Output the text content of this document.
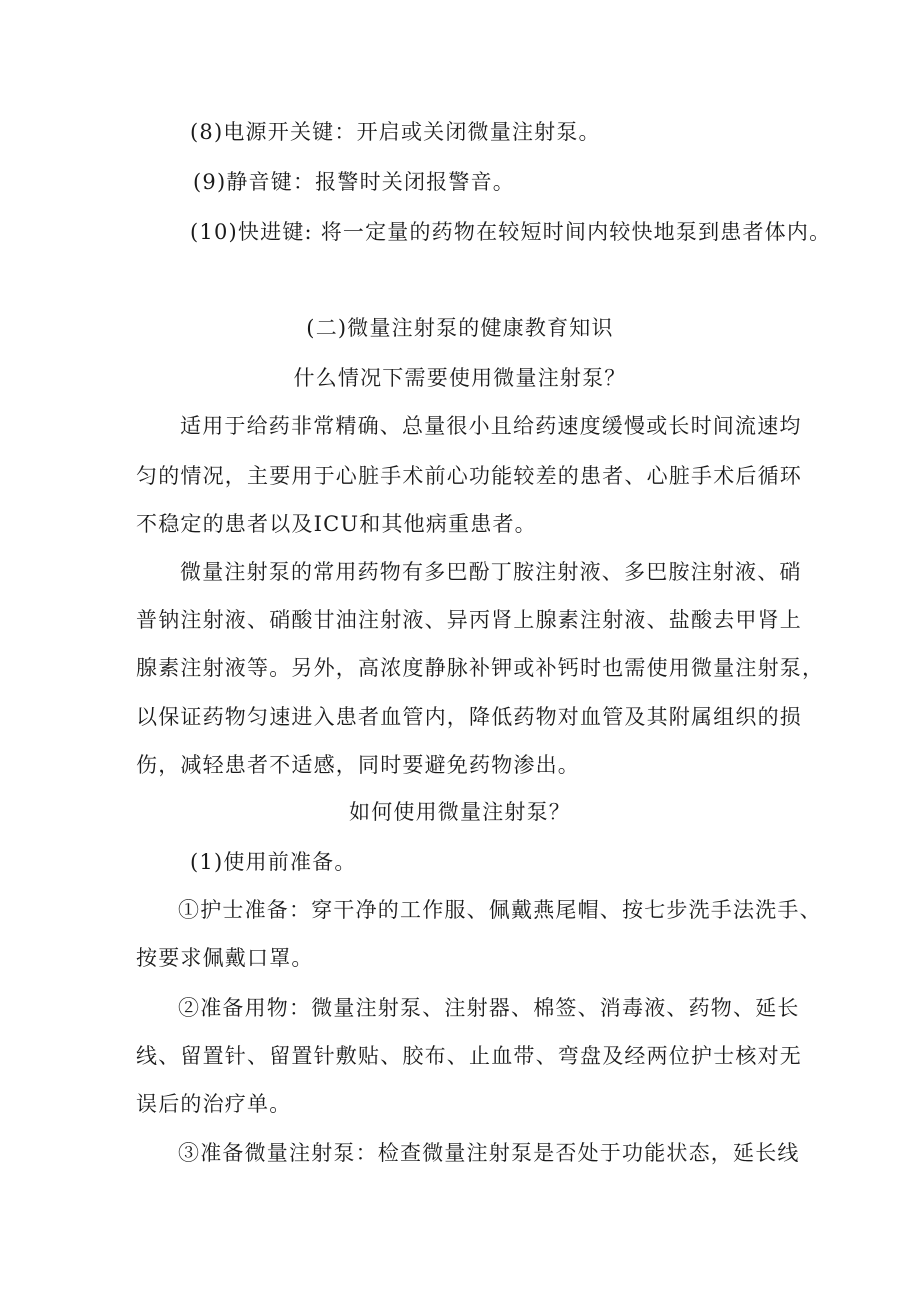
(8)电源开关键：开启或关闭微量注射泵。
(9)静音键：报警时关闭报警音。
(10)快进键: 将一定量的药物在较短时间内较快地泵到患者体内。
(二)微量注射泵的健康教育知识
什么情况下需要使用微量注射泵？
适用于给药非常精确、总量很小且给药速度缓慢或长时间流速均
匀的情况，主要用于心脏手术前心功能较差的患者、心脏手术后循环
不稳定的患者以及ICU和其他病重患者。
微量注射泵的常用药物有多巴酚丁胺注射液、多巴胺注射液、硝
普钠注射液、硝酸甘油注射液、异丙肾上腺素注射液、盐酸去甲肾上
腺素注射液等。另外，高浓度静脉补钾或补钙时也需使用微量注射泵，
以保证药物匀速进入患者血管内，降低药物对血管及其附属组织的损
伤，减轻患者不适感，同时要避免药物渗出。
如何使用微量注射泵？
(1)使用前准备。
①护士准备：穿干净的工作服、佩戴燕尾帽、按七步洗手法洗手、
按要求佩戴口罩。
②准备用物：微量注射泵、注射器、棉签、消毒液、药物、延长
线、留置针、留置针敷贴、胶布、止血带、弯盘及经两位护士核对无
误后的治疗单。
③准备微量注射泵：检查微量注射泵是否处于功能状态，延长线
